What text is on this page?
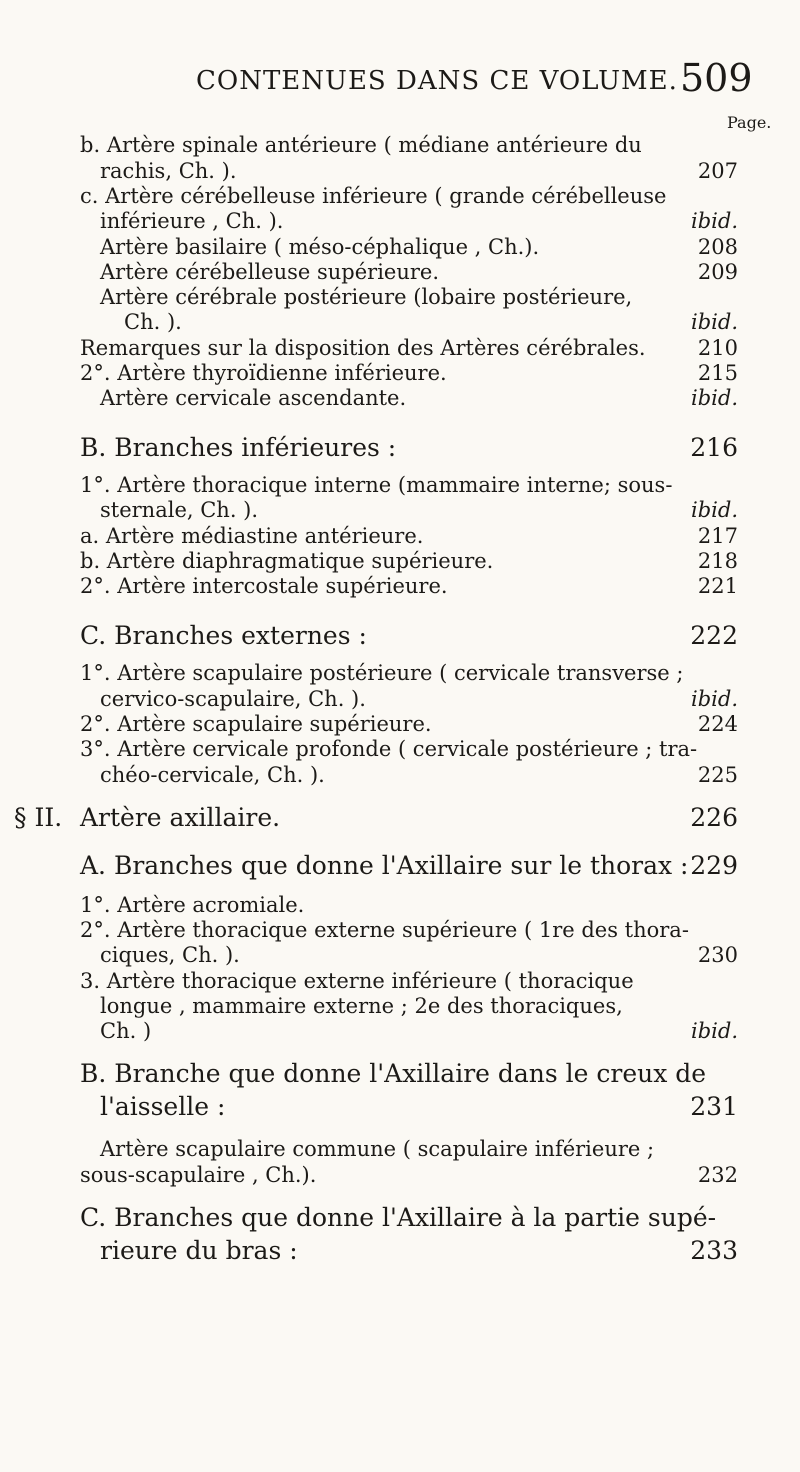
CONTENUES DANS CE VOLUME. 509
Page.
b. Artère spinale antérieure ( médiane antérieure du
rachis, Ch. ).	207
c. Artère cérébelleuse inférieure ( grande cérébelleuse
inférieure , Ch. ).	ibid.
Artère basilaire ( méso-céphalique , Ch.).	208
Artère cérébelleuse supérieure.	209
Artère cérébrale postérieure (lobaire postérieure,
Ch. ).	ibid.
Remarques sur la disposition des Artères cérébrales. 210
2°. Artère thyroïdienne inférieure.	215
Artère cervicale ascendante.	ibid.
B. Branches inférieures :	216
1°. Artère thoracique interne (mammaire interne; sous-
sternale, Ch. ).	ibid.
a. Artère médiastine antérieure.	217
b. Artère diaphragmatique supérieure.	218
2°. Artère intercostale supérieure.	221
C. Branches externes :	222
1°. Artère scapulaire postérieure ( cervicale transverse ;
cervico-scapulaire, Ch. ).	ibid.
2°. Artère scapulaire supérieure.	224
3°. Artère cervicale profonde ( cervicale postérieure ; tra-
chéo-cervicale, Ch. ).	225
§ II. Artère axillaire.	226
A. Branches que donne l'Axillaire sur le thorax : 229
1°. Artère acromiale.
2°. Artère thoracique externe supérieure ( 1re des thora-
ciques, Ch. ).	230
3. Artère thoracique externe inférieure ( thoracique
longue , mammaire externe ; 2e des thoraciques,
Ch. )	ibid.
B. Branche que donne l'Axillaire dans le creux de
l'aisselle :	231
Artère scapulaire commune ( scapulaire inférieure ;
sous-scapulaire , Ch.).	232
C. Branches que donne l'Axillaire à la partie supé-
rieure du bras :	233
